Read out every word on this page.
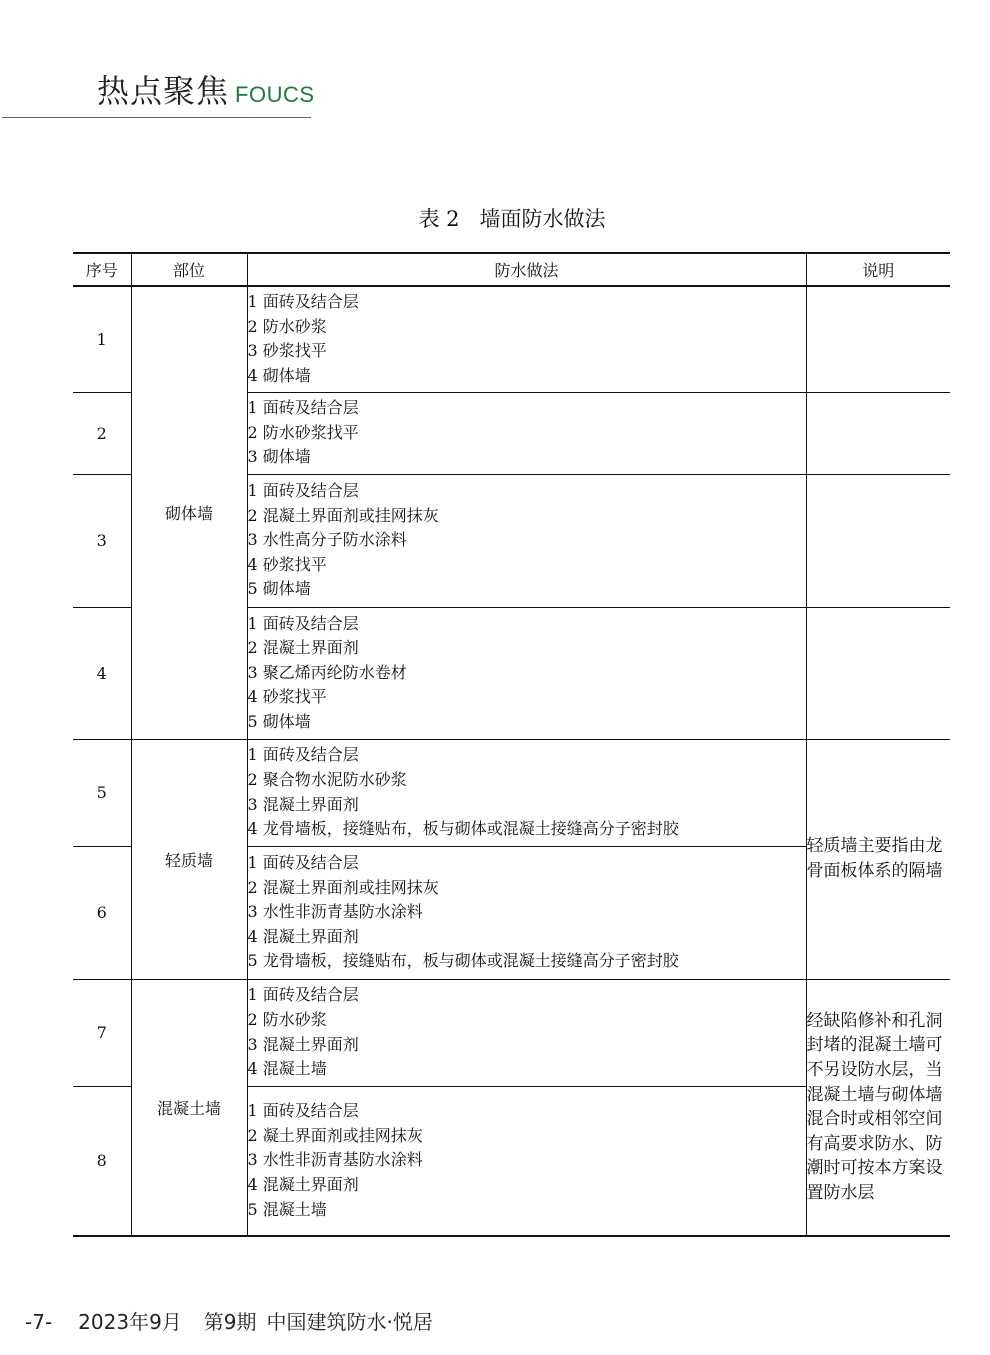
热点聚焦 FOUCS
表 2 墙面防水做法
序号	部位	防水做法	说明
1	砌体墙	1 面砖及结合层
2 防水砂浆
3 砂浆找平
4 砌体墙	

2		1 面砖及结合层
2 防水砂浆找平
3 砌体墙	

3		1 面砖及结合层
2 混凝土界面剂或挂网抹灰
3 水性高分子防水涂料
4 砂浆找平
5 砌体墙	

4		1 面砖及结合层
2 混凝土界面剂
3 聚乙烯丙纶防水卷材
4 砂浆找平
5 砌体墙	

5	轻质墙	1 面砖及结合层
2 聚合物水泥防水砂浆
3 混凝土界面剂
4 龙骨墙板，接缝贴布，板与砌体或混凝土接缝高分子密封胶	轻质墙主要指由龙骨面板体系的隔墙
6		1 面砖及结合层
2 混凝土界面剂或挂网抹灰
3 水性非沥青基防水涂料
4 混凝土界面剂
5 龙骨墙板，接缝贴布，板与砌体或混凝土接缝高分子密封胶	

7	混凝土墙	1 面砖及结合层
2 防水砂浆
3 混凝土界面剂
4 混凝土墙	经缺陷修补和孔洞封堵的混凝土墙可不另设防水层，当混凝土墙与砌体墙混合时或相邻空间有高要求防水、防潮时可按本方案设置防水层
8		1 面砖及结合层
2 凝土界面剂或挂网抹灰
3 水性非沥青基防水涂料
4 混凝土界面剂
5 混凝土墙	
-7- 2023年9月 第9期 中国建筑防水·悦居
